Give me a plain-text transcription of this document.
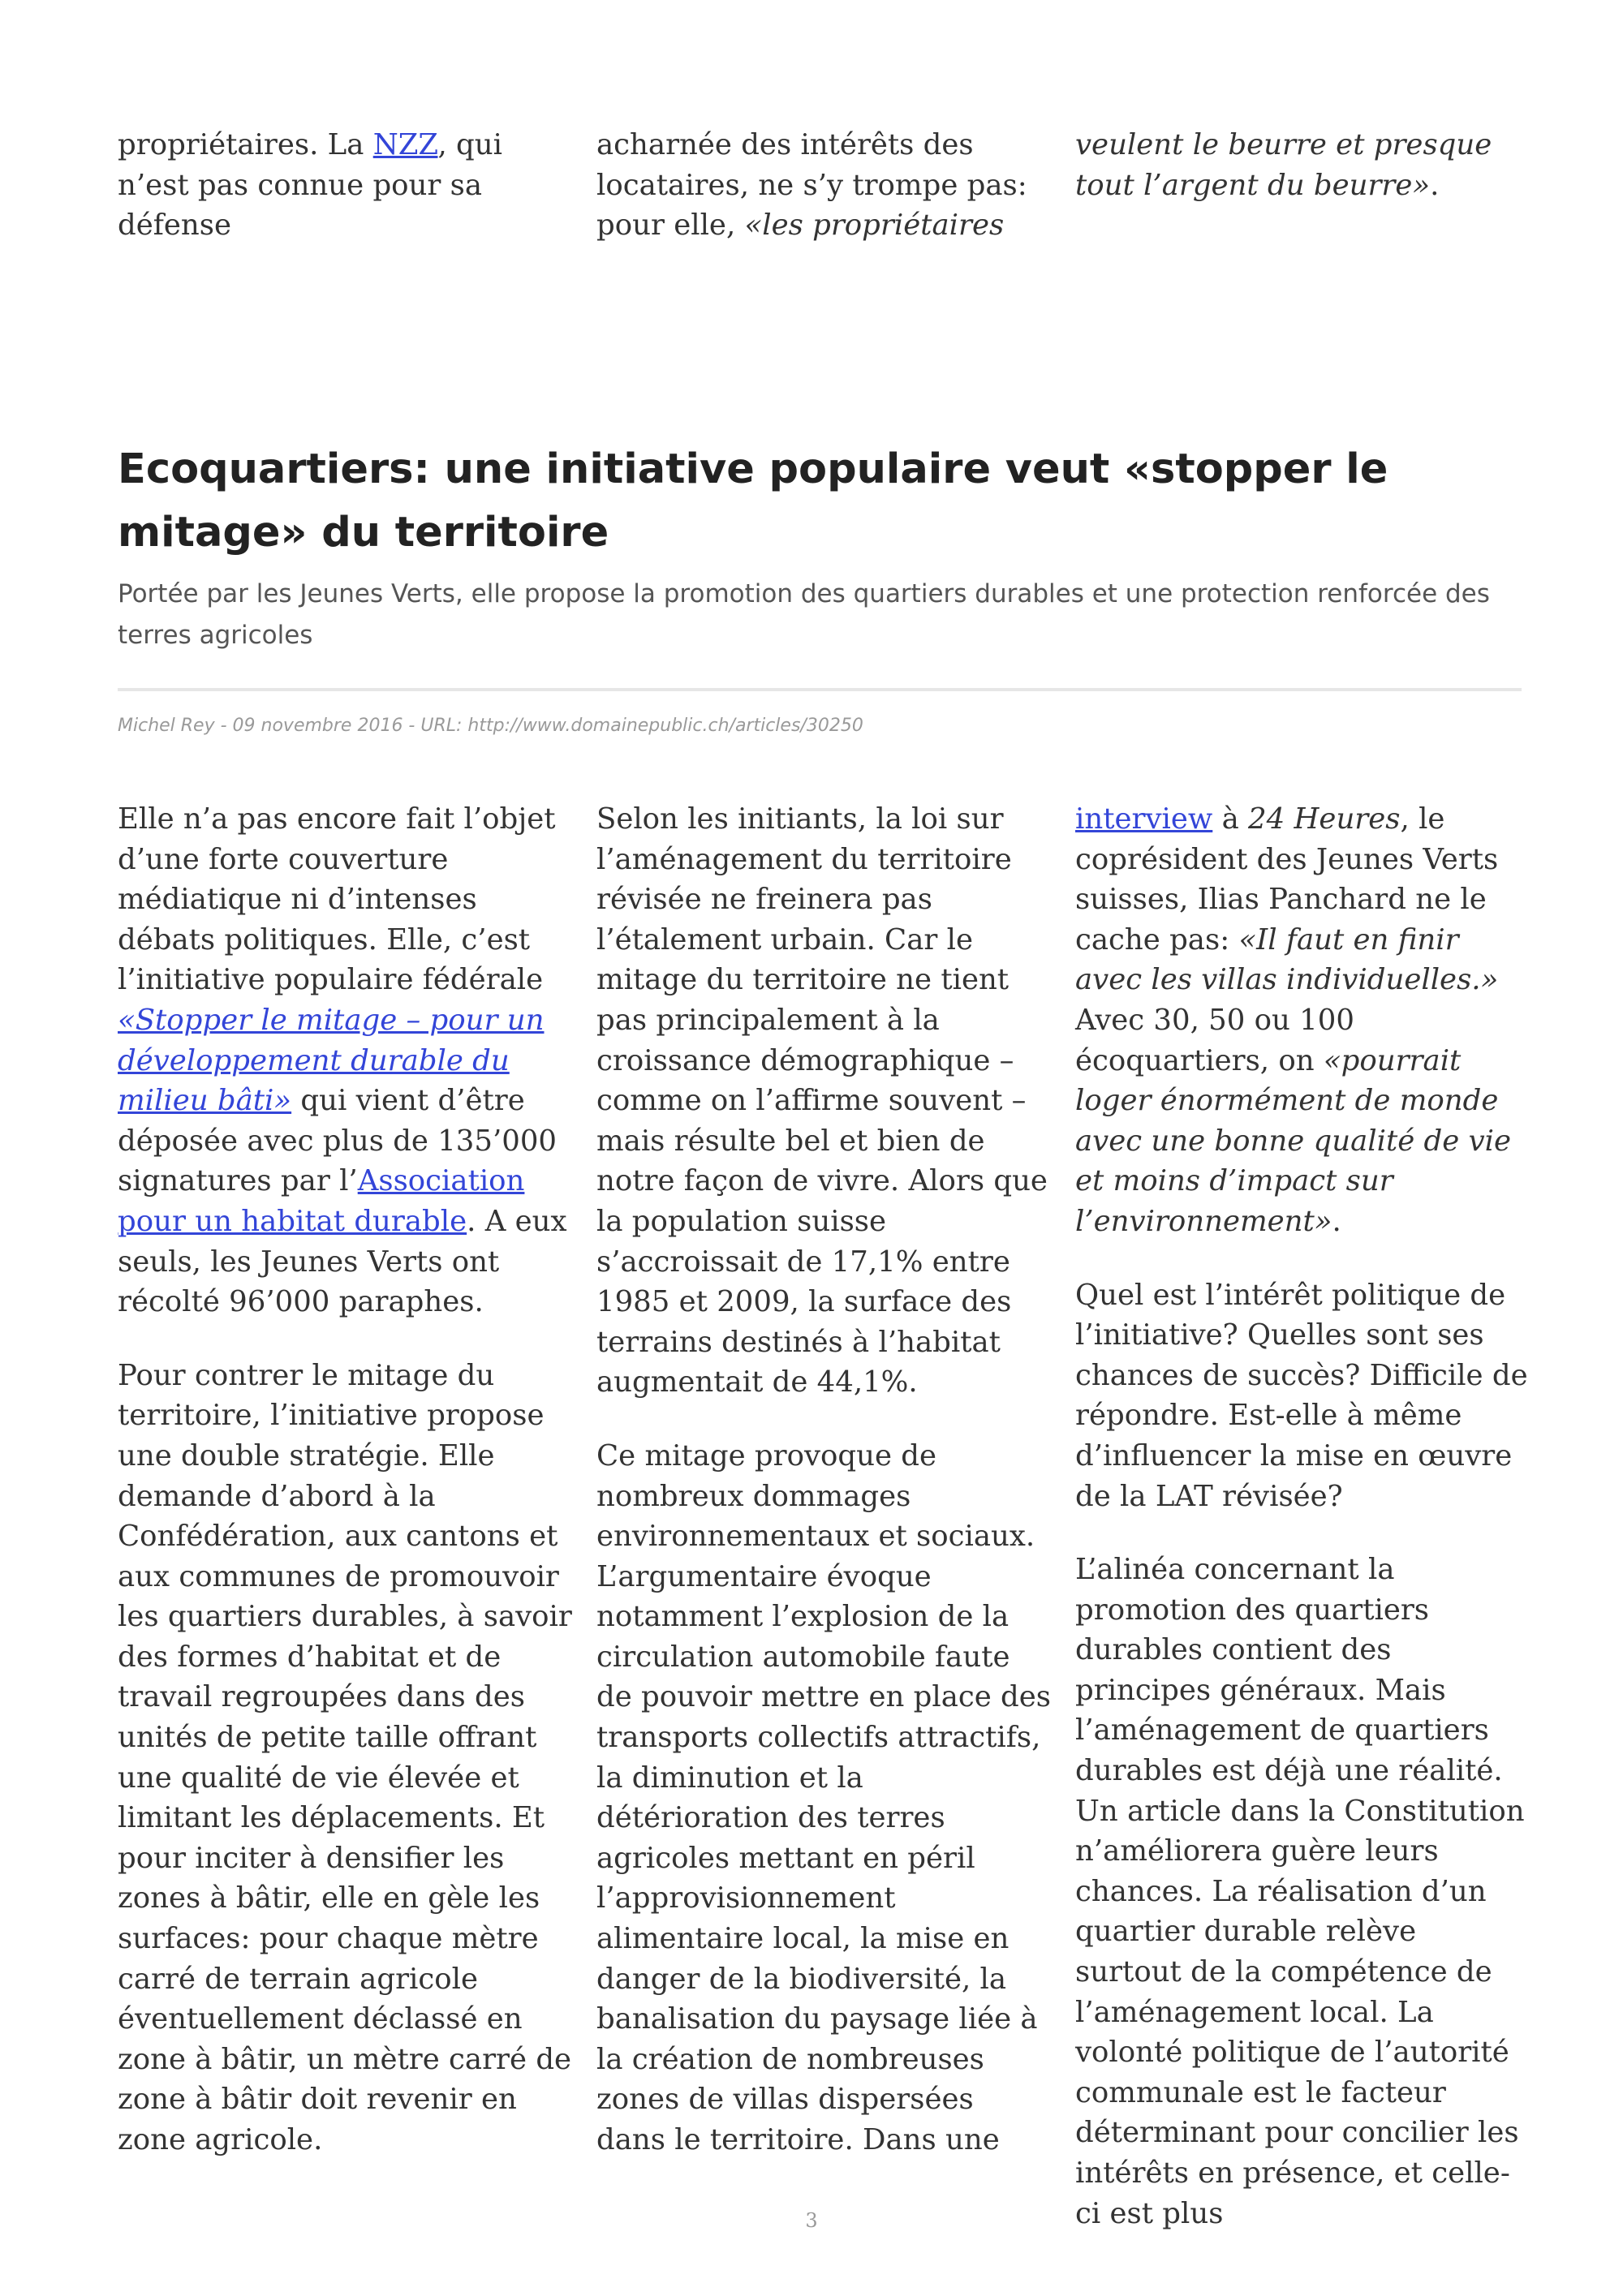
propriétaires. La NZZ, qui n’est pas connue pour sa défense

acharnée des intérêts des locataires, ne s’y trompe pas: pour elle, «les propriétaires

veulent le beurre et presque tout l’argent du beurre».

Ecoquartiers: une initiative populaire veut «stopper le mitage» du territoire

Portée par les Jeunes Verts, elle propose la promotion des quartiers durables et une protection renforcée des terres agricoles

Michel Rey - 09 novembre 2016 - URL: http://www.domainepublic.ch/articles/30250

Elle n’a pas encore fait l’objet d’une forte couverture médiatique ni d’intenses débats politiques. Elle, c’est l’initiative populaire fédérale «Stopper le mitage – pour un développement durable du milieu bâti» qui vient d’être déposée avec plus de 135’000 signatures par l’Association pour un habitat durable. A eux seuls, les Jeunes Verts ont récolté 96’000 paraphes.

Pour contrer le mitage du territoire, l’initiative propose une double stratégie. Elle demande d’abord à la Confédération, aux cantons et aux communes de promouvoir les quartiers durables, à savoir des formes d’habitat et de travail regroupées dans des unités de petite taille offrant une qualité de vie élevée et limitant les déplacements. Et pour inciter à densifier les zones à bâtir, elle en gèle les surfaces: pour chaque mètre carré de terrain agricole éventuellement déclassé en zone à bâtir, un mètre carré de zone à bâtir doit revenir en zone agricole.

Selon les initiants, la loi sur l’aménagement du territoire révisée ne freinera pas l’étalement urbain. Car le mitage du territoire ne tient pas principalement à la croissance démographique – comme on l’affirme souvent – mais résulte bel et bien de notre façon de vivre. Alors que la population suisse s’accroissait de 17,1% entre 1985 et 2009, la surface des terrains destinés à l’habitat augmentait de 44,1%.

Ce mitage provoque de nombreux dommages environnementaux et sociaux. L’argumentaire évoque notamment l’explosion de la circulation automobile faute de pouvoir mettre en place des transports collectifs attractifs, la diminution et la détérioration des terres agricoles mettant en péril l’approvisionnement alimentaire local, la mise en danger de la biodiversité, la banalisation du paysage liée à la création de nombreuses zones de villas dispersées dans le territoire. Dans une

interview à 24 Heures, le coprésident des Jeunes Verts suisses, Ilias Panchard ne le cache pas: «Il faut en finir avec les villas individuelles.» Avec 30, 50 ou 100 écoquartiers, on «pourrait loger énormément de monde avec une bonne qualité de vie et moins d’impact sur l’environnement».

Quel est l’intérêt politique de l’initiative? Quelles sont ses chances de succès? Difficile de répondre. Est-elle à même d’influencer la mise en œuvre de la LAT révisée?

L’alinéa concernant la promotion des quartiers durables contient des principes généraux. Mais l’aménagement de quartiers durables est déjà une réalité. Un article dans la Constitution n’améliorera guère leurs chances. La réalisation d’un quartier durable relève surtout de la compétence de l’aménagement local. La volonté politique de l’autorité communale est le facteur déterminant pour concilier les intérêts en présence, et celle-ci est plus

3
